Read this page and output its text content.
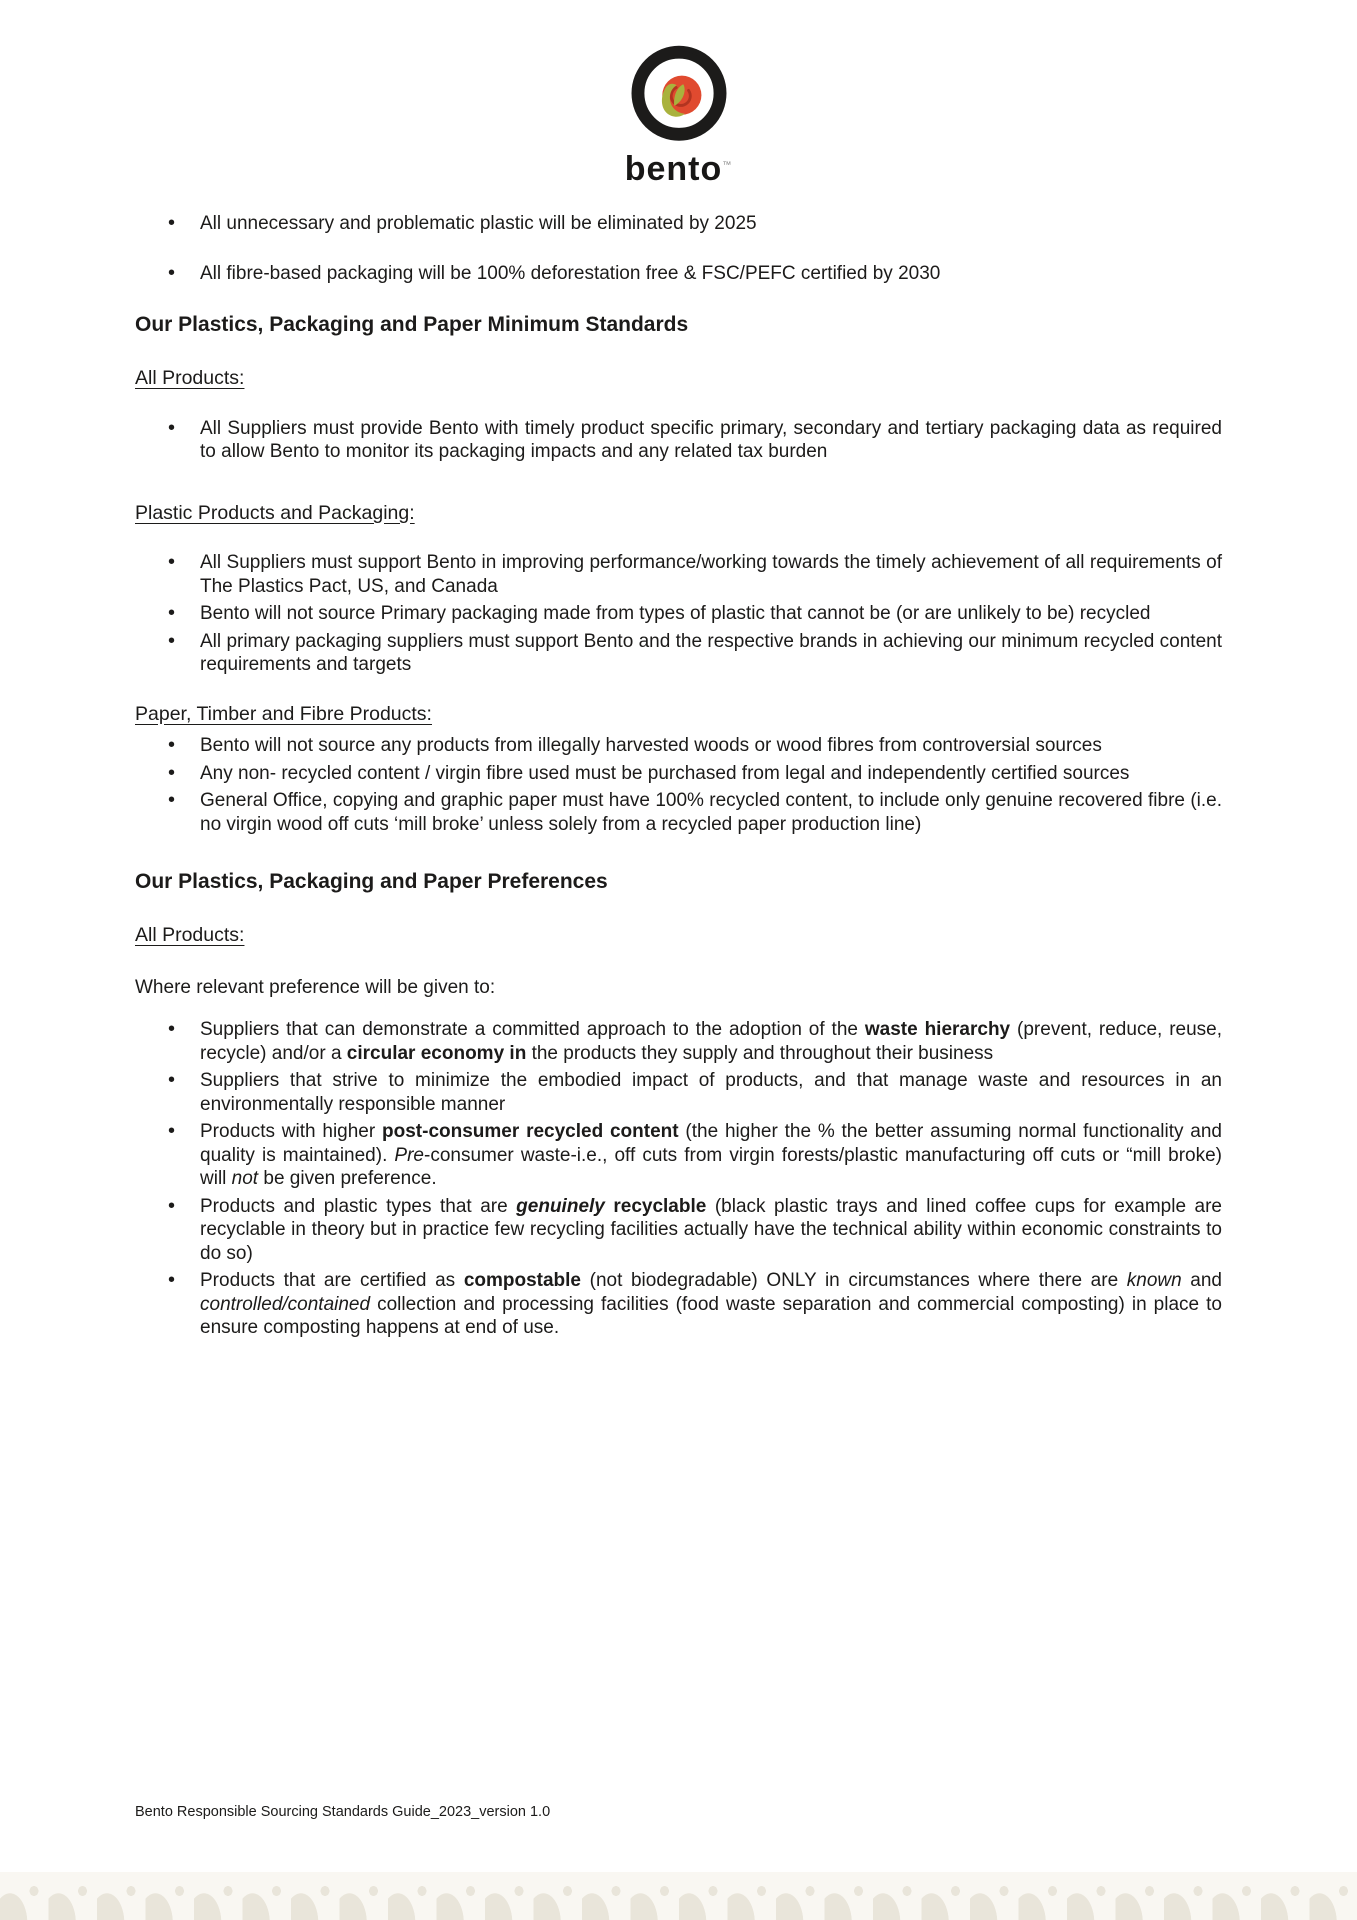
bento™
• All unnecessary and problematic plastic will be eliminated by 2025
• All fibre-based packaging will be 100% deforestation free & FSC/PEFC certified by 2030
Our Plastics, Packaging and Paper Minimum Standards
All Products:
• All Suppliers must provide Bento with timely product specific primary, secondary and tertiary packaging data as required to allow Bento to monitor its packaging impacts and any related tax burden
Plastic Products and Packaging:
• All Suppliers must support Bento in improving performance/working towards the timely achievement of all requirements of The Plastics Pact, US, and Canada
• Bento will not source Primary packaging made from types of plastic that cannot be (or are unlikely to be) recycled
• All primary packaging suppliers must support Bento and the respective brands in achieving our minimum recycled content requirements and targets
Paper, Timber and Fibre Products:
• Bento will not source any products from illegally harvested woods or wood fibres from controversial sources
• Any non- recycled content / virgin fibre used must be purchased from legal and independently certified sources
• General Office, copying and graphic paper must have 100% recycled content, to include only genuine recovered fibre (i.e. no virgin wood off cuts ‘mill broke’ unless solely from a recycled paper production line)
Our Plastics, Packaging and Paper Preferences
All Products:

Where relevant preference will be given to:

• Suppliers that can demonstrate a committed approach to the adoption of the waste hierarchy (prevent, reduce, reuse, recycle) and/or a circular economy in the products they supply and throughout their business
• Suppliers that strive to minimize the embodied impact of products, and that manage waste and resources in an environmentally responsible manner
• Products with higher post-consumer recycled content (the higher the % the better assuming normal functionality and quality is maintained). Pre-consumer waste-i.e., off cuts from virgin forests/plastic manufacturing off cuts or “mill broke) will not be given preference.
• Products and plastic types that are genuinely recyclable (black plastic trays and lined coffee cups for example are recyclable in theory but in practice few recycling facilities actually have the technical ability within economic constraints to do so)
• Products that are certified as compostable (not biodegradable) ONLY in circumstances where there are known and controlled/contained collection and processing facilities (food waste separation and commercial composting) in place to ensure composting happens at end of use.
Bento Responsible Sourcing Standards Guide_2023_version 1.0
